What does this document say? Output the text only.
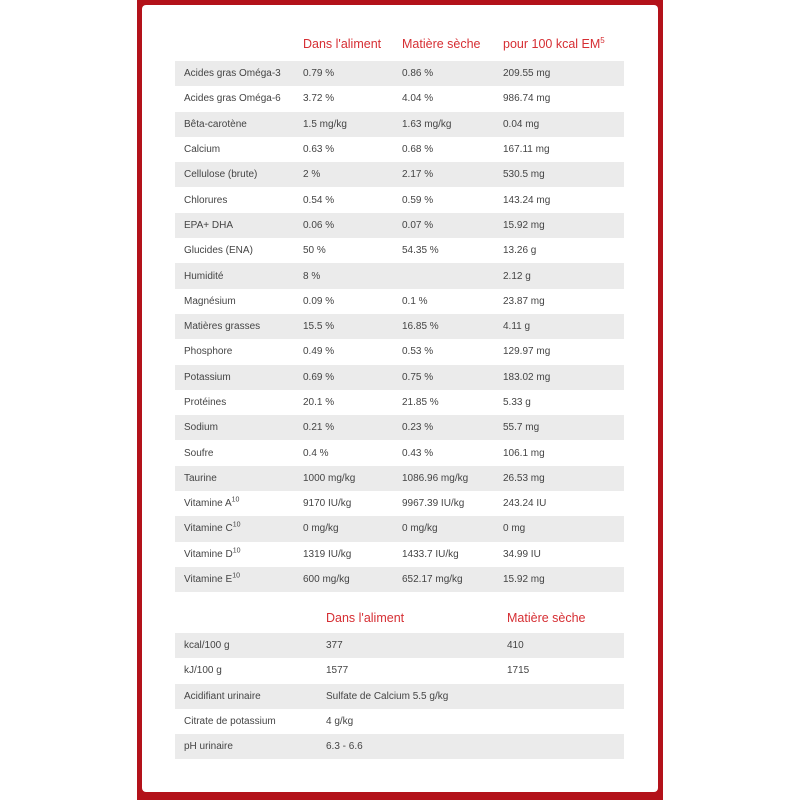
	Dans l'aliment	Matière sèche	pour 100 kcal $EM^5$
Acides gras Oméga-3	0.79 %	0.86 %	209.55 mg
Acides gras Oméga-6	3.72 %	4.04 %	986.74 mg
Bêta-carotène	1.5 mg/kg	1.63 mg/kg	0.04 mg
Calcium	0.63 %	0.68 %	167.11 mg
Cellulose (brute)	2 %	2.17 %	530.5 mg
Chlorures	0.54 %	0.59 %	143.24 mg
EPA+ DHA	0.06 %	0.07 %	15.92 mg
Glucides (ENA)	50 %	54.35 %	13.26 g
Humidité	8 %		2.12 g
Magnésium	0.09 %	0.1 %	23.87 mg
Matières grasses	15.5 %	16.85 %	4.11 g
Phosphore	0.49 %	0.53 %	129.97 mg
Potassium	0.69 %	0.75 %	183.02 mg
Protéines	20.1 %	21.85 %	5.33 g
Sodium	0.21 %	0.23 %	55.7 mg
Soufre	0.4 %	0.43 %	106.1 mg
Taurine	1000 mg/kg	1086.96 mg/kg	26.53 mg
Vitamine $A^{10}$	9170 IU/kg	9967.39 IU/kg	243.24 IU
Vitamine $C^{10}$	0 mg/kg	0 mg/kg	0 mg
Vitamine $D^{10}$	1319 IU/kg	1433.7 IU/kg	34.99 IU
Vitamine $E^{10}$	600 mg/kg	652.17 mg/kg	15.92 mg
	Dans l'aliment	Matière sèche
kcal/100 g	377	410
kJ/100 g	1577	1715
Acidifiant urinaire	Sulfate de Calcium 5.5 g/kg	
Citrate de potassium	4 g/kg	
pH urinaire	6.3 - 6.6	
